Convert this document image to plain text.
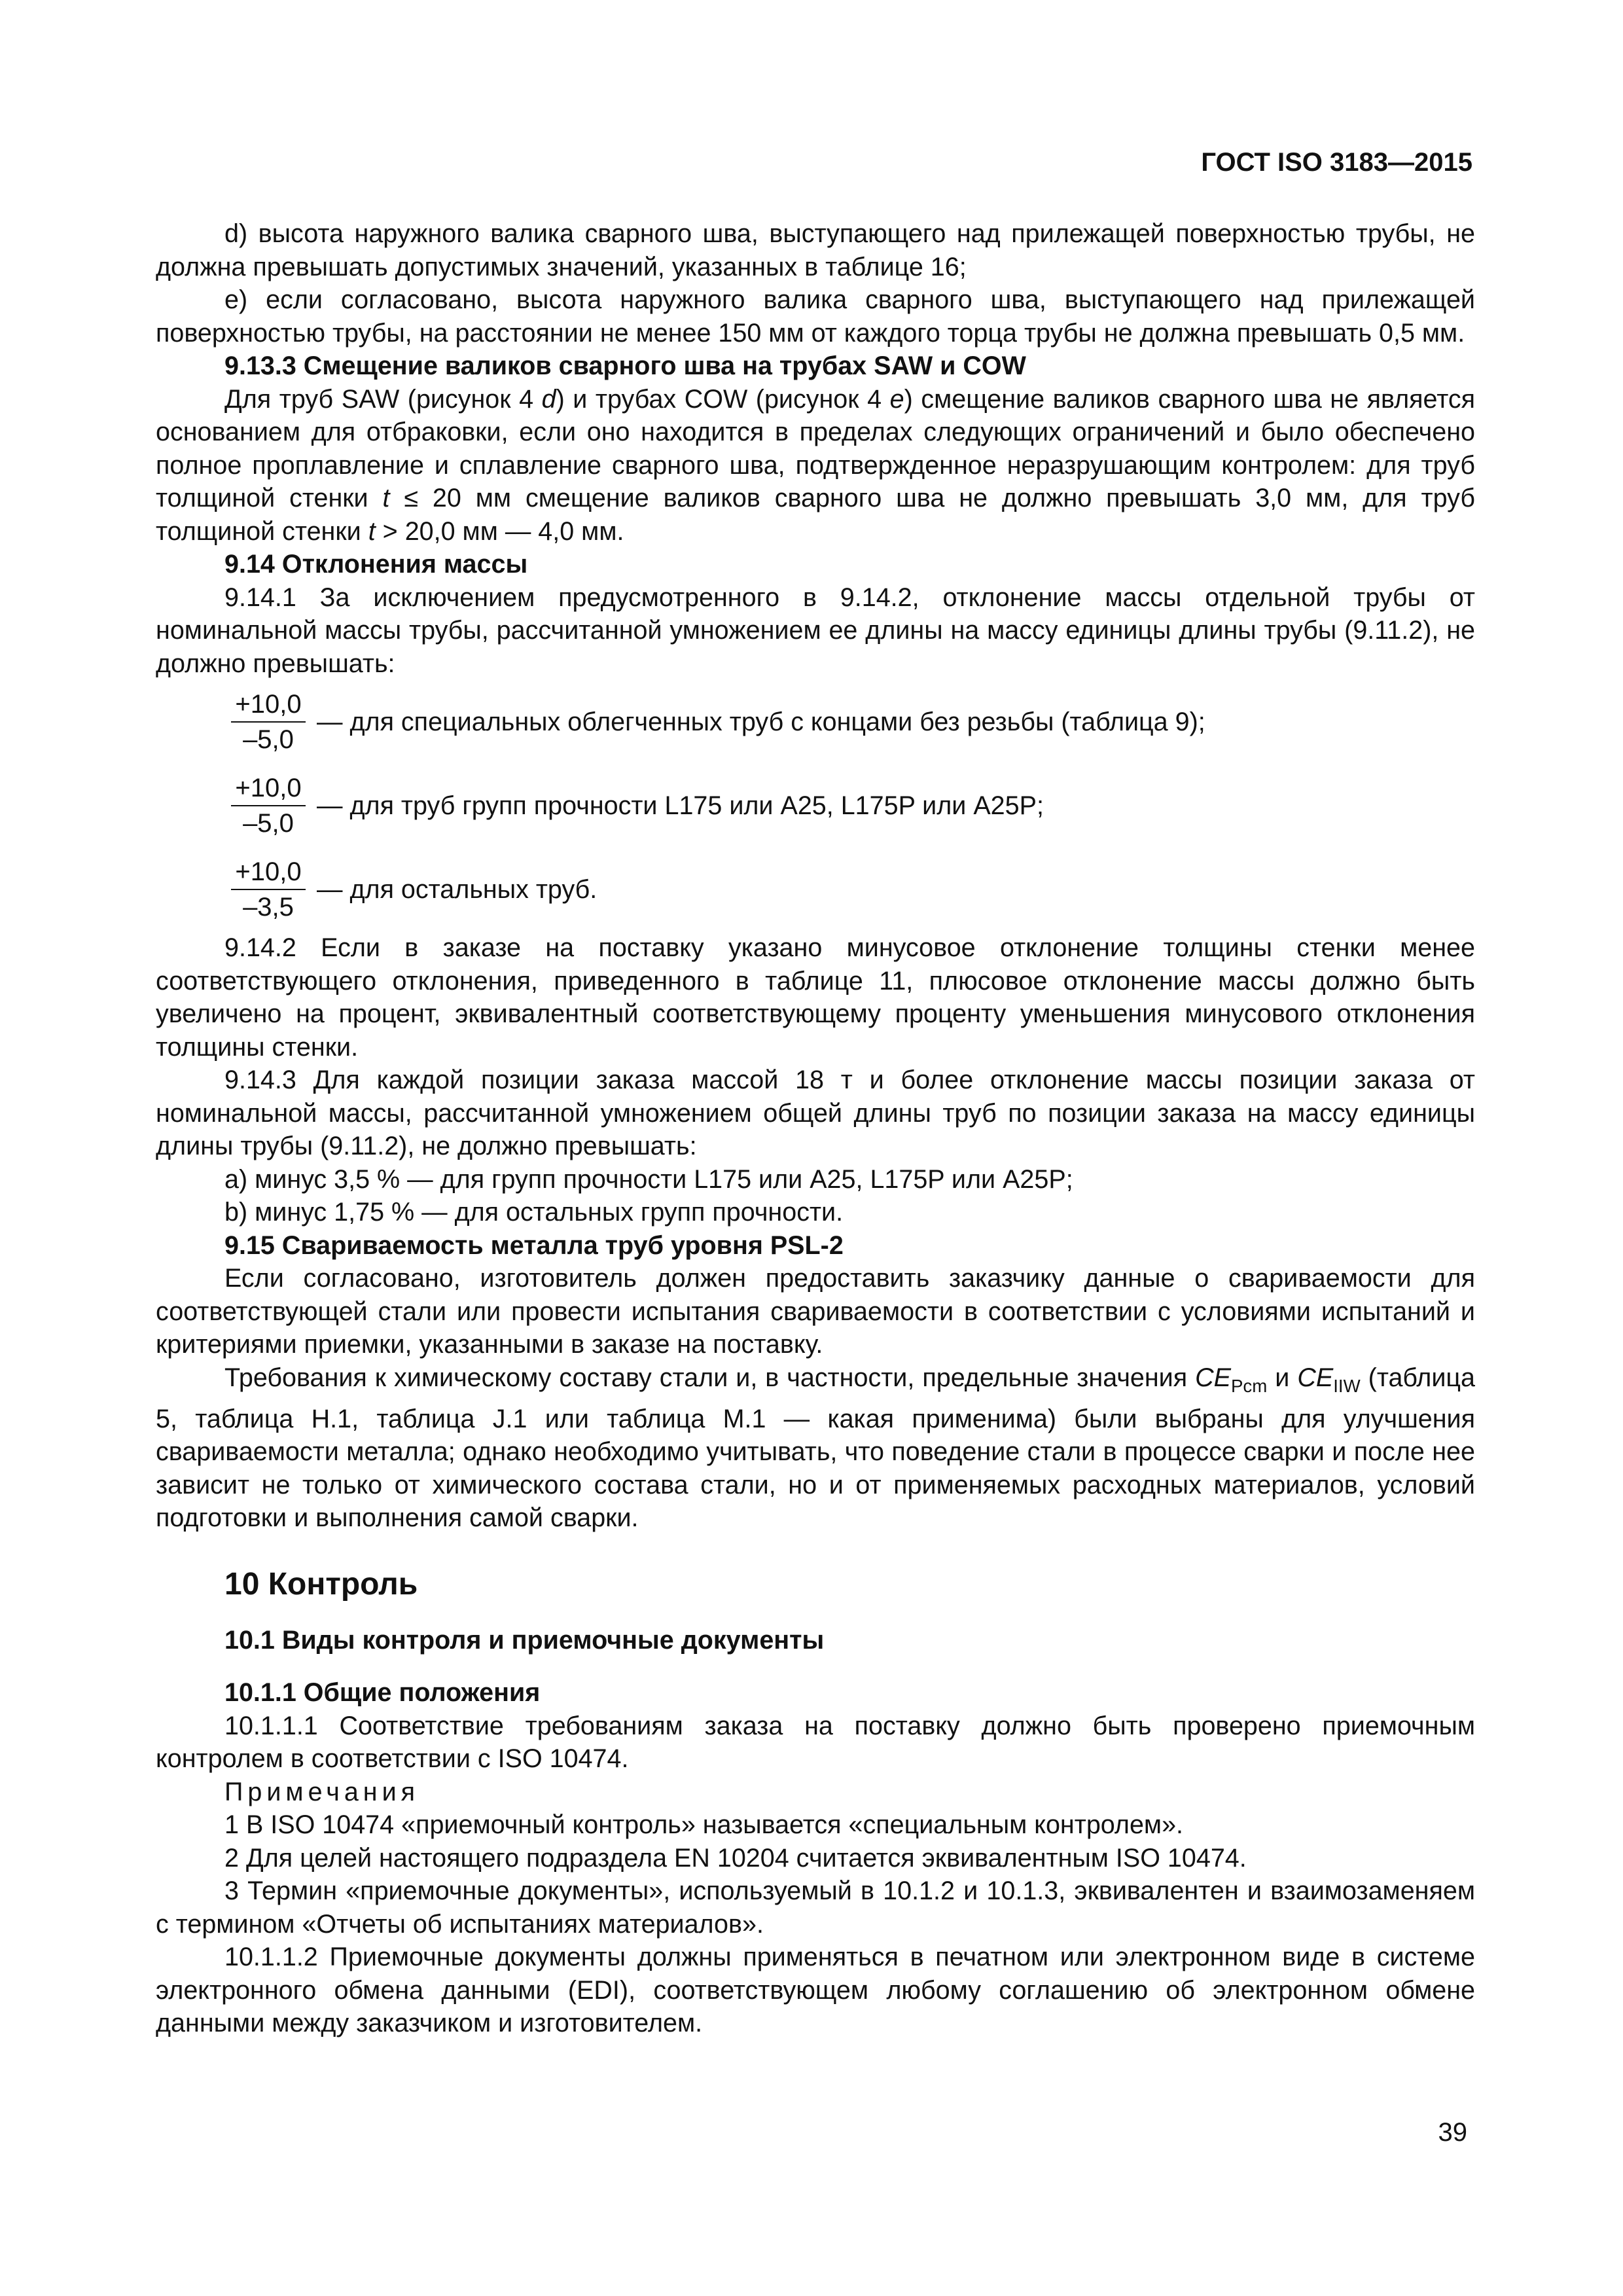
ГОСТ ISO 3183—2015

d) высота наружного валика сварного шва, выступающего над прилежащей поверхностью трубы, не должна превышать допустимых значений, указанных в таблице 16;

е) если согласовано, высота наружного валика сварного шва, выступающего над прилежащей поверхностью трубы, на расстоянии не менее 150 мм от каждого торца трубы не должна превышать 0,5 мм.

9.13.3 Смещение валиков сварного шва на трубах SAW и COW

Для труб SAW (рисунок 4 d) и трубах COW (рисунок 4 е) смещение валиков сварного шва не является основанием для отбраковки, если оно находится в пределах следующих ограничений и было обеспечено полное проплавление и сплавление сварного шва, подтвержденное неразрушающим контролем: для труб толщиной стенки t ≤ 20 мм смещение валиков сварного шва не должно превышать 3,0 мм, для труб толщиной стенки t > 20,0 мм — 4,0 мм.

9.14 Отклонения массы

9.14.1 За исключением предусмотренного в 9.14.2, отклонение массы отдельной трубы от номинальной массы трубы, рассчитанной умножением ее длины на массу единицы длины трубы (9.11.2), не должно превышать:

$\frac{+10,0}{-5,0}$ — для специальных облегченных труб с концами без резьбы (таблица 9);
$\frac{+10,0}{-5,0}$ — для труб групп прочности L175 или А25, L175P или A25P;
$\frac{+10,0}{-3,5}$ — для остальных труб.

9.14.2 Если в заказе на поставку указано минусовое отклонение толщины стенки менее соответствующего отклонения, приведенного в таблице 11, плюсовое отклонение массы должно быть увеличено на процент, эквивалентный соответствующему проценту уменьшения минусового отклонения толщины стенки.

9.14.3 Для каждой позиции заказа массой 18 т и более отклонение массы позиции заказа от номинальной массы, рассчитанной умножением общей длины труб по позиции заказа на массу единицы длины трубы (9.11.2), не должно превышать:

а) минус 3,5 % — для групп прочности L175 или А25, L175P или A25P;

b) минус 1,75 % — для остальных групп прочности.

9.15 Свариваемость металла труб уровня PSL-2

Если согласовано, изготовитель должен предоставить заказчику данные о свариваемости для соответствующей стали или провести испытания свариваемости в соответствии с условиями испытаний и критериями приемки, указанными в заказе на поставку.

Требования к химическому составу стали и, в частности, предельные значения $CE_{Pcm}$ и $CE_{IIW}$ (таблица 5, таблица Н.1, таблица J.1 или таблица М.1 — какая применима) были выбраны для улучшения свариваемости металла; однако необходимо учитывать, что поведение стали в процессе сварки и после нее зависит не только от химического состава стали, но и от применяемых расходных материалов, условий подготовки и выполнения самой сварки.

10 Контроль

10.1 Виды контроля и приемочные документы

10.1.1 Общие положения

10.1.1.1 Соответствие требованиям заказа на поставку должно быть проверено приемочным контролем в соответствии с ISO 10474.

Примечания

1 В ISO 10474 «приемочный контроль» называется «специальным контролем».

2 Для целей настоящего подраздела EN 10204 считается эквивалентным ISO 10474.

3 Термин «приемочные документы», используемый в 10.1.2 и 10.1.3, эквивалентен и взаимозаменяем с термином «Отчеты об испытаниях материалов».

10.1.1.2 Приемочные документы должны применяться в печатном или электронном виде в системе электронного обмена данными (EDI), соответствующем любому соглашению об электронном обмене данными между заказчиком и изготовителем.

39
